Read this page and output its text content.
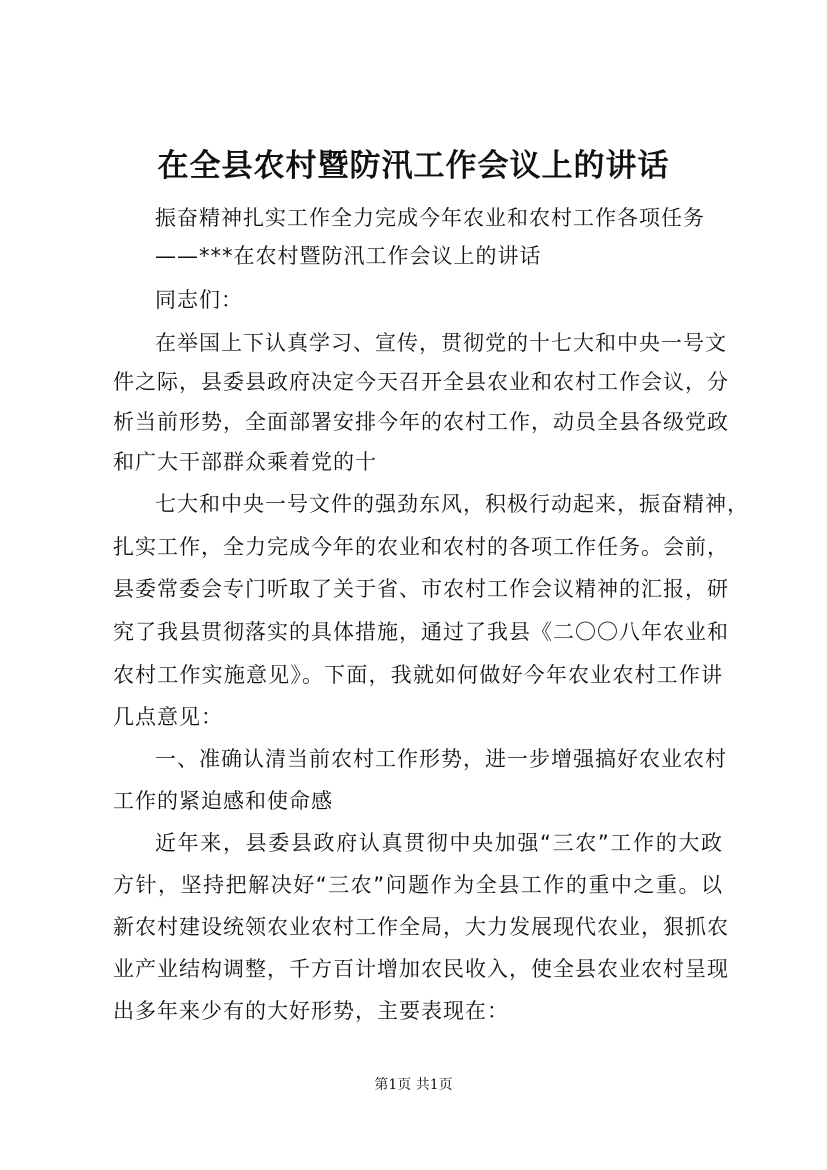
在全县农村暨防汛工作会议上的讲话
振奋精神扎实工作全力完成今年农业和农村工作各项任务
——***在农村暨防汛工作会议上的讲话
同志们：
在举国上下认真学习、宣传，贯彻党的十七大和中央一号文
件之际，县委县政府决定今天召开全县农业和农村工作会议，分
析当前形势，全面部署安排今年的农村工作，动员全县各级党政
和广大干部群众乘着党的十
七大和中央一号文件的强劲东风，积极行动起来，振奋精神，
扎实工作，全力完成今年的农业和农村的各项工作任务。会前，
县委常委会专门听取了关于省、市农村工作会议精神的汇报，研
究了我县贯彻落实的具体措施，通过了我县《二〇〇八年农业和
农村工作实施意见》。下面，我就如何做好今年农业农村工作讲
几点意见：
一、准确认清当前农村工作形势，进一步增强搞好农业农村
工作的紧迫感和使命感
近年来，县委县政府认真贯彻中央加强“三农”工作的大政
方针，坚持把解决好“三农”问题作为全县工作的重中之重。以
新农村建设统领农业农村工作全局，大力发展现代农业，狠抓农
业产业结构调整，千方百计增加农民收入，使全县农业农村呈现
出多年来少有的大好形势，主要表现在：
第1页 共1页
